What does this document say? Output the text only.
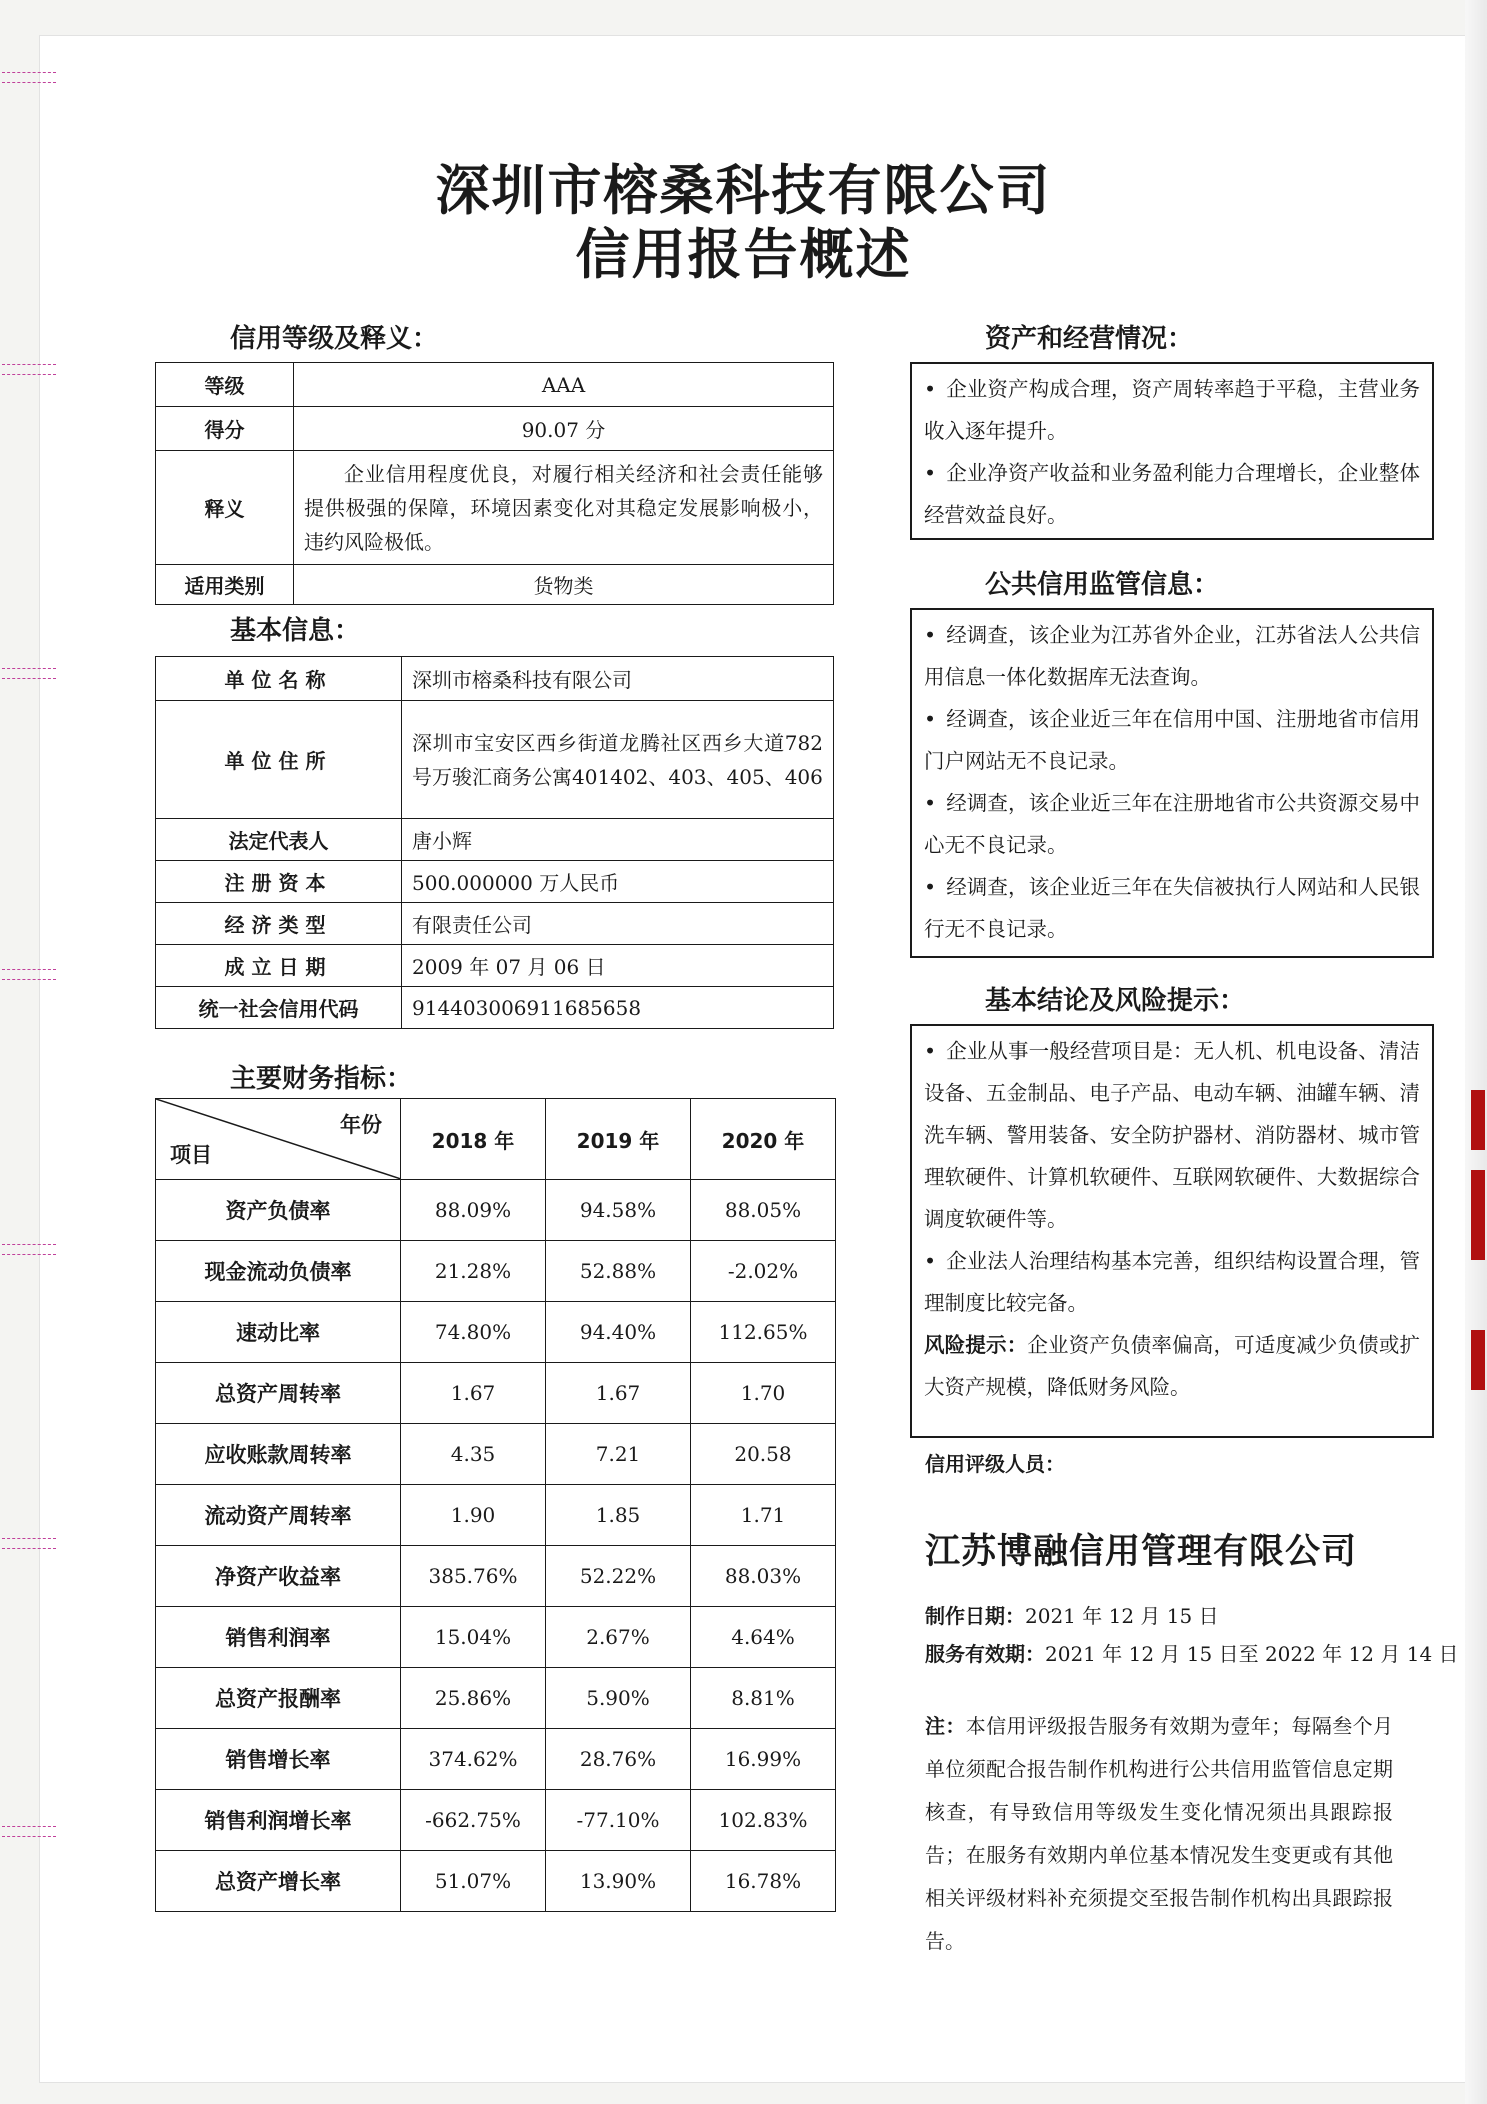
深圳市榕桑科技有限公司
信用报告概述
信用等级及释义：
等级	AAA
得分	90.07 分
释义	企业信用程度优良，对履行相关经济和社会责任能够提供极强的保障，环境因素变化对其稳定发展影响极小，违约风险极低。
适用类别	货物类
基本信息：
单位名称	深圳市榕桑科技有限公司
单位住所	深圳市宝安区西乡街道龙腾社区西乡大道782号万骏汇商务公寓401402、403、405、406
法定代表人	唐小辉
注册资本	500.000000 万人民币
经济类型	有限责任公司
成立日期	2009 年 07 月 06 日
统一社会信用代码	91440300691168565​8
主要财务指标：
年份
项目	2018 年	2019 年	2020 年
资产负债率	88.09%	94.58%	88.05%
现金流动负债率	21.28%	52.88%	-2.02%
速动比率	74.80%	94.40%	112.65%
总资产周转率	1.67	1.67	1.70
应收账款周转率	4.35	7.21	20.58
流动资产周转率	1.90	1.85	1.71
净资产收益率	385.76%	52.22%	88.03%
销售利润率	15.04%	2.67%	4.64%
总资产报酬率	25.86%	5.90%	8.81%
销售增长率	374.62%	28.76%	16.99%
销售利润增长率	-662.75%	-77.10%	102.83%
总资产增长率	51.07%	13.90%	16.78%
资产和经营情况：

• 企业资产构成合理，资产周转率趋于平稳，主营业务收入逐年提升。

• 企业净资产收益和业务盈利能力合理增长，企业整体经营效益良好。

公共信用监管信息：

• 经调查，该企业为江苏省外企业，江苏省法人公共信用信息一体化数据库无法查询。

• 经调查，该企业近三年在信用中国、注册地省市信用门户网站无不良记录。

• 经调查，该企业近三年在注册地省市公共资源交易中心无不良记录。

• 经调查，该企业近三年在失信被执行人网站和人民银行无不良记录。

基本结论及风险提示：

• 企业从事一般经营项目是：无人机、机电设备、清洁设备、五金制品、电子产品、电动车辆、油罐车辆、清洗车辆、警用装备、安全防护器材、消防器材、城市管理软硬件、计算机软硬件、互联网软硬件、大数据综合调度软硬件等。

• 企业法人治理结构基本完善，组织结构设置合理，管理制度比较完备。

风险提示：企业资产负债率偏高，可适度减少负债或扩大资产规模，降低财务风险。

信用评级人员：
江苏博融信用管理有限公司
制作日期：2021 年 12 月 15 日
服务有效期：2021 年 12 月 15 日至 2022 年 12 月 14 日
注：本信用评级报告服务有效期为壹年；每隔叁个月单位须配合报告制作机构进行公共信用监管信息定期核查，有导致信用等级发生变化情况须出具跟踪报告；在服务有效期内单位基本情况发生变更或有其他相关评级材料补充须提交至报告制作机构出具跟踪报告。
